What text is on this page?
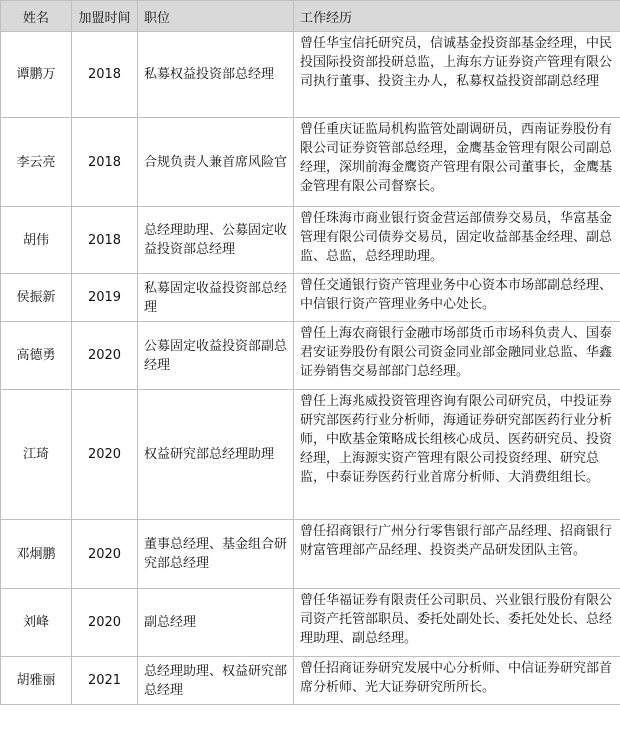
姓名	加盟时间	职位	工作经历
谭鹏万	2018	私募权益投资部总经理	曾任华宝信托研究员，信诚基金投资部基金经理，中民投国际投资部投研总监，上海东方证券资产管理有限公司执行董事、投资主办人，私募权益投资部副总经理
李云亮	2018	合规负责人兼首席风险官	曾任重庆证监局机构监管处副调研员，西南证券股份有限公司证券资管部总经理，金鹰基金管理有限公司副总经理，深圳前海金鹰资产管理有限公司董事长，金鹰基金管理有限公司督察长。
胡伟	2018	总经理助理、公募固定收益投资部总经理	曾任珠海市商业银行资金营运部债券交易员，华富基金管理有限公司债券交易员，固定收益部基金经理、副总监、总监，总经理助理。
侯振新	2019	私募固定收益投资部总经理	曾任交通银行资产管理业务中心资本市场部副总经理、中信银行资产管理业务中心处长。
高德勇	2020	公募固定收益投资部副总经理	曾任上海农商银行金融市场部货币市场科负责人、国泰君安证券股份有限公司资金同业部金融同业总监、华鑫证券销售交易部部门总经理。
江琦	2020	权益研究部总经理助理	曾任上海兆威投资管理咨询有限公司研究员，中投证券研究部医药行业分析师，海通证券研究部医药行业分析师，中欧基金策略成长组核心成员、医药研究员、投资经理，上海源实资产管理有限公司投资经理、研究总监，中泰证券医药行业首席分析师、大消费组组长。
邓炯鹏	2020	董事总经理、基金组合研究部总经理	曾任招商银行广州分行零售银行部产品经理、招商银行财富管理部产品经理、投资类产品研发团队主管。
刘峰	2020	副总经理	曾任华福证券有限责任公司职员、兴业银行股份有限公司资产托管部职员、委托处副处长、委托处处长、总经理助理、副总经理。
胡雅丽	2021	总经理助理、权益研究部总经理	曾任招商证券研究发展中心分析师、中信证券研究部首席分析师、光大证券研究所所长。
